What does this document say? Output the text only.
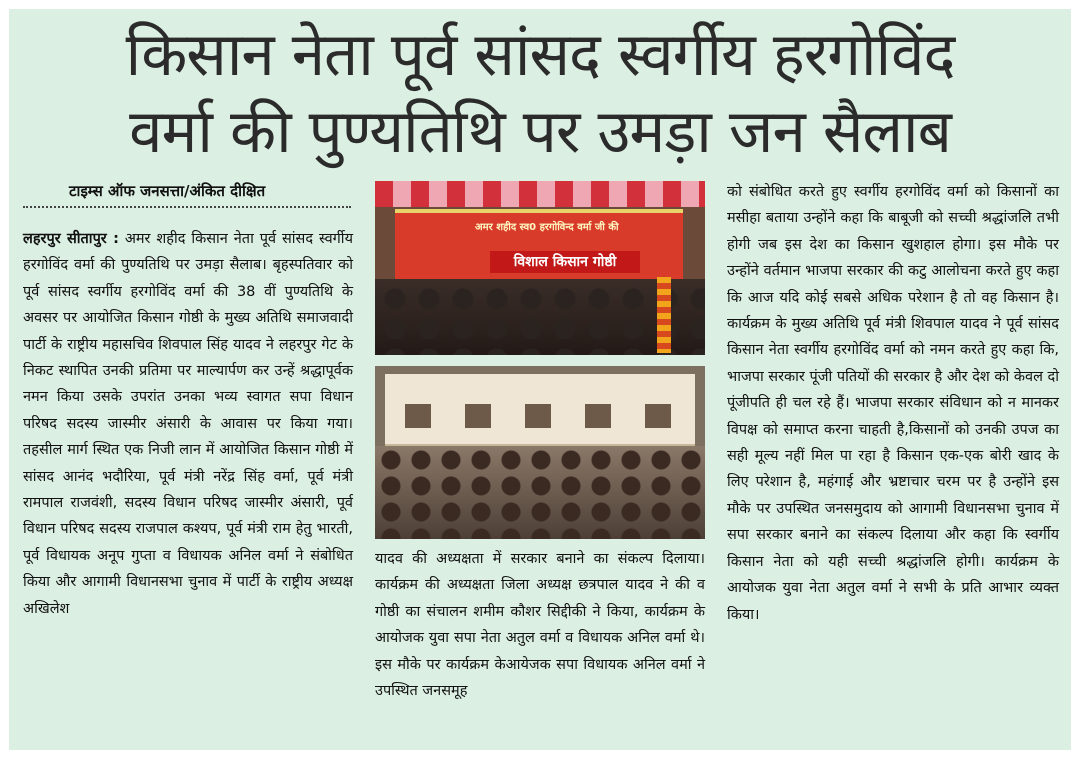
किसान नेता पूर्व सांसद स्वर्गीय हरगोविंद
वर्मा की पुण्यतिथि पर उमड़ा जन सैलाब
टाइम्स ऑफ जनसत्ता/अंकित दीक्षित
लहरपुर सीतापुर : अमर शहीद किसान नेता पूर्व सांसद स्वर्गीय हरगोविंद वर्मा की पुण्यतिथि पर उमड़ा सैलाब। बृहस्पतिवार को पूर्व सांसद स्वर्गीय हरगोविंद वर्मा की 38 वीं पुण्यतिथि के अवसर पर आयोजित किसान गोष्ठी के मुख्य अतिथि समाजवादी पार्टी के राष्ट्रीय महासचिव शिवपाल सिंह यादव ने लहरपुर गेट के निकट स्थापित उनकी प्रतिमा पर माल्यार्पण कर उन्हें श्रद्धापूर्वक नमन किया उसके उपरांत उनका भव्य स्वागत सपा विधान परिषद सदस्य जास्मीर अंसारी के आवास पर किया गया। तहसील मार्ग स्थित एक निजी लान में आयोजित किसान गोष्ठी में सांसद आनंद भदौरिया, पूर्व मंत्री नरेंद्र सिंह वर्मा, पूर्व मंत्री रामपाल राजवंशी, सदस्य विधान परिषद जास्मीर अंसारी, पूर्व विधान परिषद सदस्य राजपाल कश्यप, पूर्व मंत्री राम हेतु भारती, पूर्व विधायक अनूप गुप्ता व विधायक अनिल वर्मा ने संबोधित किया और आगामी विधानसभा चुनाव में पार्टी के राष्ट्रीय अध्यक्ष अखिलेश
अमर शहीद स्व0 हरगोविन्द वर्मा जी की
विशाल किसान गोष्ठी
यादव की अध्यक्षता में सरकार बनाने का संकल्प दिलाया।कार्यक्रम की अध्यक्षता जिला अध्यक्ष छत्रपाल यादव ने की व गोष्ठी का संचालन शमीम कौशर सिद्दीकी ने किया, कार्यक्रम के आयोजक युवा सपा नेता अतुल वर्मा व विधायक अनिल वर्मा थे। इस मौके पर कार्यक्रम केआयेजक सपा विधायक अनिल वर्मा ने उपस्थित जनसमूह
को संबोधित करते हुए स्वर्गीय हरगोविंद वर्मा को किसानों का मसीहा बताया उन्होंने कहा कि बाबूजी को सच्ची श्रद्धांजलि तभी होगी जब इस देश का किसान खुशहाल होगा। इस मौके पर उन्होंने वर्तमान भाजपा सरकार की कटु आलोचना करते हुए कहा कि आज यदि कोई सबसे अधिक परेशान है तो वह किसान है। कार्यक्रम के मुख्य अतिथि पूर्व मंत्री शिवपाल यादव ने पूर्व सांसद किसान नेता स्वर्गीय हरगोविंद वर्मा को नमन करते हुए कहा कि, भाजपा सरकार पूंजी पतियों की सरकार है और देश को केवल दो पूंजीपति ही चल रहे हैं। भाजपा सरकार संविधान को न मानकर विपक्ष को समाप्त करना चाहती है,किसानों को उनकी उपज का सही मूल्य नहीं मिल पा रहा है किसान एक-एक बोरी खाद के लिए परेशान है, महंगाई और भ्रष्टाचार चरम पर है उन्होंने इस मौके पर उपस्थित जनसमुदाय को आगामी विधानसभा चुनाव में सपा सरकार बनाने का संकल्प दिलाया और कहा कि स्वर्गीय किसान नेता को यही सच्ची श्रद्धांजलि होगी। कार्यक्रम के आयोजक युवा नेता अतुल वर्मा ने सभी के प्रति आभार व्यक्त किया।
